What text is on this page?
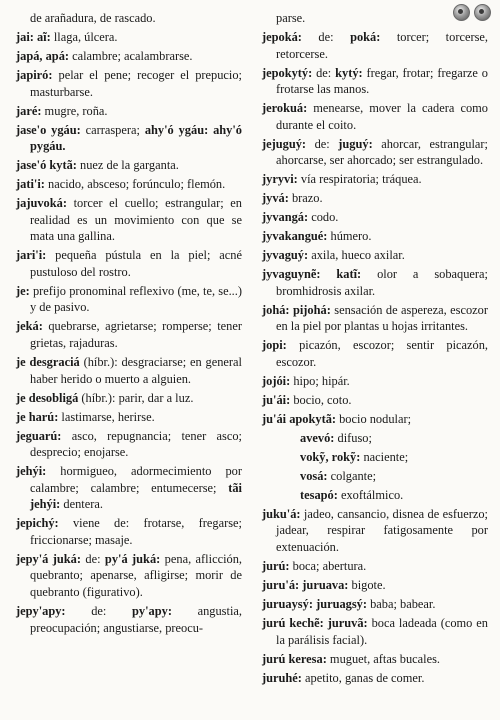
de arañadura, de rascado.

jai: aĩ: llaga, úlcera.

japá, apá: calambre; acalambrarse.

japiró: pelar el pene; recoger el prepucio; masturbarse.

jaré: mugre, roña.

jase'o ygáu: carraspera; ahy'ó ygáu: ahy'ó pygáu.

jase'ó kytã: nuez de la garganta.

jati'i: nacido, absceso; forúnculo; flemón.

jajuvoká: torcer el cuello; estrangular; en realidad es un movimiento con que se mata una gallina.

jari'i: pequeña pústula en la piel; acné pustuloso del rostro.

je: prefijo pronominal reflexivo (me, te, se...) y de pasivo.

jeká: quebrarse, agrietarse; romperse; tener grietas, rajaduras.

je desgraciá (híbr.): desgraciarse; en general haber herido o muerto a alguien.

je desobligá (híbr.): parir, dar a luz.

je harú: lastimarse, herirse.

jeguarú: asco, repugnancia; tener asco; desprecio; enojarse.

jehýi: hormigueo, adormecimiento por calambre; calambre; entumecerse; tãi jehýi: dentera.

jepichý: viene de: frotarse, fregarse; friccionarse; masaje.

jepy'á juká: de: py'á juká: pena, aflicción, quebranto; apenarse, afligirse; morir de quebranto (figurativo).

jepy'apy: de: py'apy: angustia, preocupación; angustiarse, preocu-

parse.

jepoká: de: poká: torcer; torcerse, retorcerse.

jepokytý: de: kytý: fregar, frotar; fregarze o frotarse las manos.

jerokuá: menearse, mover la cadera como durante el coito.

jejuguý: de: juguý: ahorcar, estrangular; ahorcarse, ser ahorcado; ser estrangulado.

jyryvi: vía respiratoria; tráquea.

jyvá: brazo.

jyvangá: codo.

jyvakangué: húmero.

jyvaguý: axila, hueco axilar.

jyvaguynẽ: katĩ: olor a sobaquera; bromhidrosis axilar.

johá: pijohá: sensación de aspereza, escozor en la piel por plantas u hojas irritantes.

jopi: picazón, escozor; sentir picazón, escozor.

jojói: hipo; hipár.

ju'ái: bocio, coto.

ju'ái apokytã: bocio nodular;

avevó: difuso;

vokỹ, rokỹ: naciente;

vosá: colgante;

tesapó: exoftálmico.

juku'á: jadeo, cansancio, disnea de esfuerzo; jadear, respirar fatigosamente por extenuación.

jurú: boca; abertura.

juru'á: juruava: bigote.

juruaysý: juruagsý: baba; babear.

jurú kechẽ: juruvã: boca ladeada (como en la parálisis facial).

jurú keresa: muguet, aftas bucales.

juruhé: apetito, ganas de comer.
